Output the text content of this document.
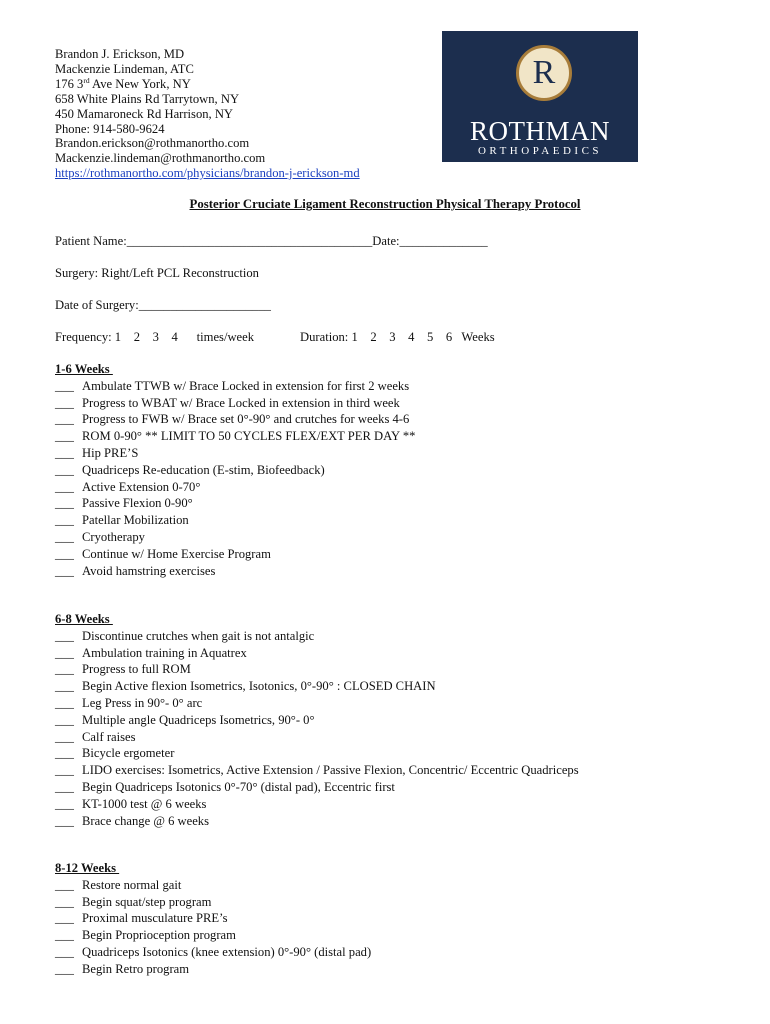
Brandon J. Erickson, MD
Mackenzie Lindeman, ATC
176 3rd Ave New York, NY
658 White Plains Rd Tarrytown, NY
450 Mamaroneck Rd Harrison, NY
Phone: 914-580-9624
Brandon.erickson@rothmanortho.com
Mackenzie.lindeman@rothmanortho.com
https://rothmanortho.com/physicians/brandon-j-erickson-md
R
ROTHMAN
ORTHOPAEDICS
Posterior Cruciate Ligament Reconstruction Physical Therapy Protocol
Patient Name:_______________________________________Date:______________
Surgery: Right/Left PCL Reconstruction
Date of Surgery:_____________________
Frequency: 1    2    3    4      times/week	Duration: 1    2    3    4    5    6   Weeks
1-6 Weeks
___ Ambulate TTWB w/ Brace Locked in extension for first 2 weeks
___ Progress to WBAT w/ Brace Locked in extension in third week
___ Progress to FWB w/ Brace set 0°-90° and crutches for weeks 4-6
___ ROM 0-90° ** LIMIT TO 50 CYCLES FLEX/EXT PER DAY **
___ Hip PRE’S
___ Quadriceps Re-education (E-stim, Biofeedback)
___ Active Extension 0-70°
___ Passive Flexion 0-90°
___ Patellar Mobilization
___ Cryotherapy
___ Continue w/ Home Exercise Program
___ Avoid hamstring exercises
6-8 Weeks
___ Discontinue crutches when gait is not antalgic
___ Ambulation training in Aquatrex
___ Progress to full ROM
___ Begin Active flexion Isometrics, Isotonics, 0°-90° : CLOSED CHAIN
___ Leg Press in 90°- 0° arc
___ Multiple angle Quadriceps Isometrics, 90°- 0°
___ Calf raises
___ Bicycle ergometer
___ LIDO exercises: Isometrics, Active Extension / Passive Flexion, Concentric/ Eccentric Quadriceps
___ Begin Quadriceps Isotonics 0°-70° (distal pad), Eccentric first
___ KT-1000 test @ 6 weeks
___ Brace change @ 6 weeks
8-12 Weeks
___ Restore normal gait
___ Begin squat/step program
___ Proximal musculature PRE’s
___ Begin Proprioception program
___ Quadriceps Isotonics (knee extension) 0°-90° (distal pad)
___ Begin Retro program
